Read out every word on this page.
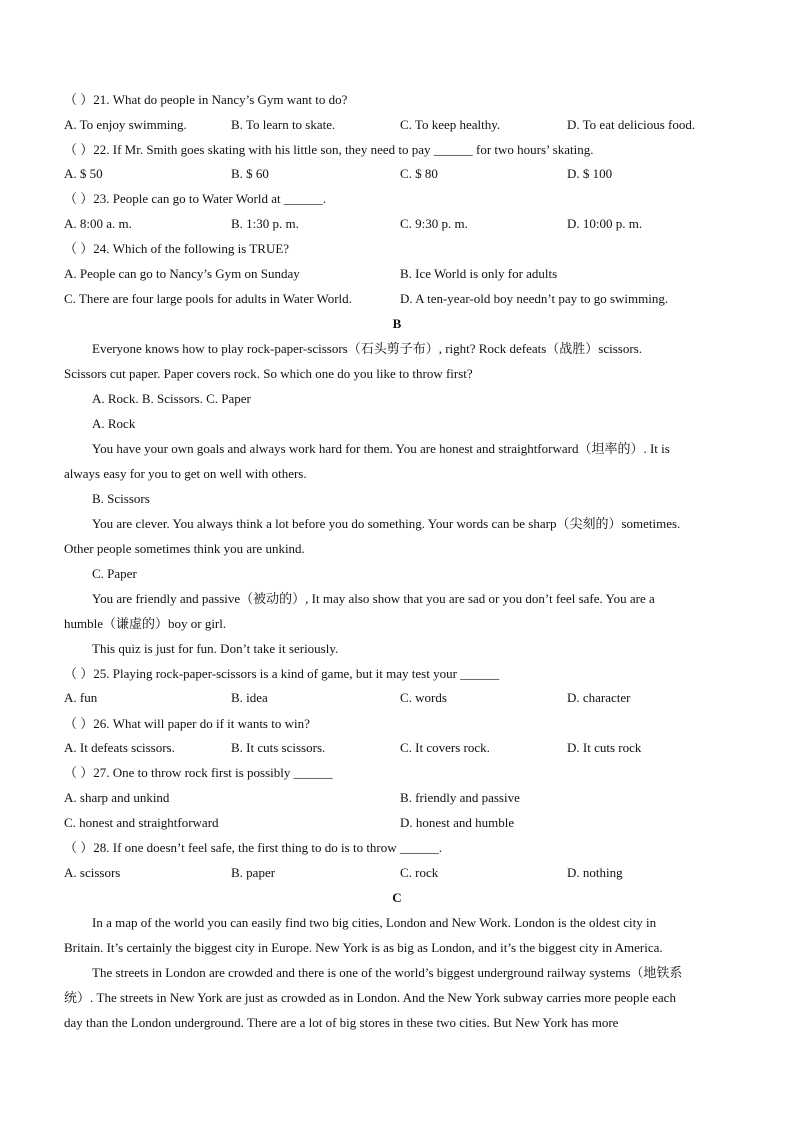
（ ）21. What do people in Nancy’s Gym want to do?
A. To enjoy swimming.	B. To learn to skate.	C. To keep healthy.	D. To eat delicious food.
（ ）22. If Mr. Smith goes skating with his little son, they need to pay ______ for two hours’ skating.
A. $ 50	B. $ 60	C. $ 80	D. $ 100
（ ）23. People can go to Water World at ______.
A. 8:00 a. m.	B. 1:30 p. m.	C. 9:30 p. m.	D. 10:00 p. m.
（ ）24. Which of the following is TRUE?
A. People can go to Nancy’s Gym on Sunday	B. Ice World is only for adults
C. There are four large pools for adults in Water World.	D. A ten-year-old boy needn’t pay to go swimming.
B
Everyone knows how to play rock-paper-scissors（石头剪子布）, right? Rock defeats（战胜）scissors.
Scissors cut paper. Paper covers rock. So which one do you like to throw first?
A. Rock. B. Scissors. C. Paper
A. Rock
You have your own goals and always work hard for them. You are honest and straightforward（坦率的）. It is
always easy for you to get on well with others.
B. Scissors
You are clever. You always think a lot before you do something. Your words can be sharp（尖刻的）sometimes.
Other people sometimes think you are unkind.
C. Paper
You are friendly and passive（被动的）, It may also show that you are sad or you don’t feel safe. You are a
humble（谦虚的）boy or girl.
This quiz is just for fun. Don’t take it seriously.
（ ）25. Playing rock-paper-scissors is a kind of game, but it may test your ______
A. fun	B. idea	C. words	D. character
（ ）26. What will paper do if it wants to win?
A. It defeats scissors.	B. It cuts scissors.	C. It covers rock.	D. It cuts rock
（ ）27. One to throw rock first is possibly ______
A. sharp and unkind	B. friendly and passive
C. honest and straightforward	D. honest and humble
（ ）28. If one doesn’t feel safe, the first thing to do is to throw ______.
A. scissors	B. paper	C. rock	D. nothing
C
In a map of the world you can easily find two big cities, London and New Work. London is the oldest city in
Britain. It’s certainly the biggest city in Europe. New York is as big as London, and it’s the biggest city in America.
The streets in London are crowded and there is one of the world’s biggest underground railway systems（地铁系
统）. The streets in New York are just as crowded as in London. And the New York subway carries more people each
day than the London underground. There are a lot of big stores in these two cities. But New York has more
